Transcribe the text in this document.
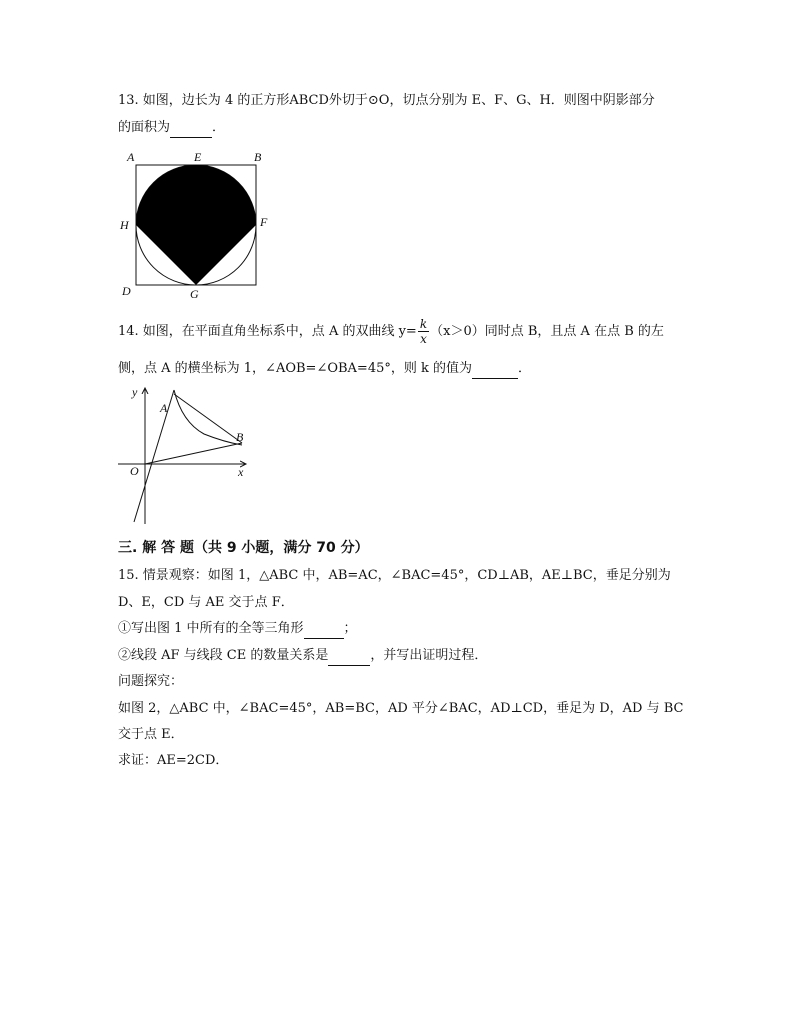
13. 如图，边长为 4 的正方形ABCD外切于⊙O，切点分别为 E、F、G、H．则图中阴影部分
的面积为	．
A	E	B
H	F
D	G
14. 如图，在平面直角坐标系中，点 A 的双曲线 $y= \frac{k}{x} (x>0)$同时点 B，且点 A 在点 B 的左
侧，点 A 的横坐标为 1，∠AOB=∠OBA=45°，则 k 的值为	．
y
x
O
A
B
三. 解 答 题（共 9 小题，满分 70 分）
15. 情景观察：如图 1，△ABC 中，AB=AC，∠BAC=45°，CD⊥AB，AE⊥BC，垂足分别为
D、E，CD 与 AE 交于点 F．
①写出图 1 中所有的全等三角形	；
②线段 AF 与线段 CE 的数量关系是	，并写出证明过程．
问题探究：
如图 2，△ABC 中，∠BAC=45°，AB=BC，AD 平分∠BAC，AD⊥CD，垂足为 D，AD 与 BC
交于点 E．
求证：AE=2CD．
